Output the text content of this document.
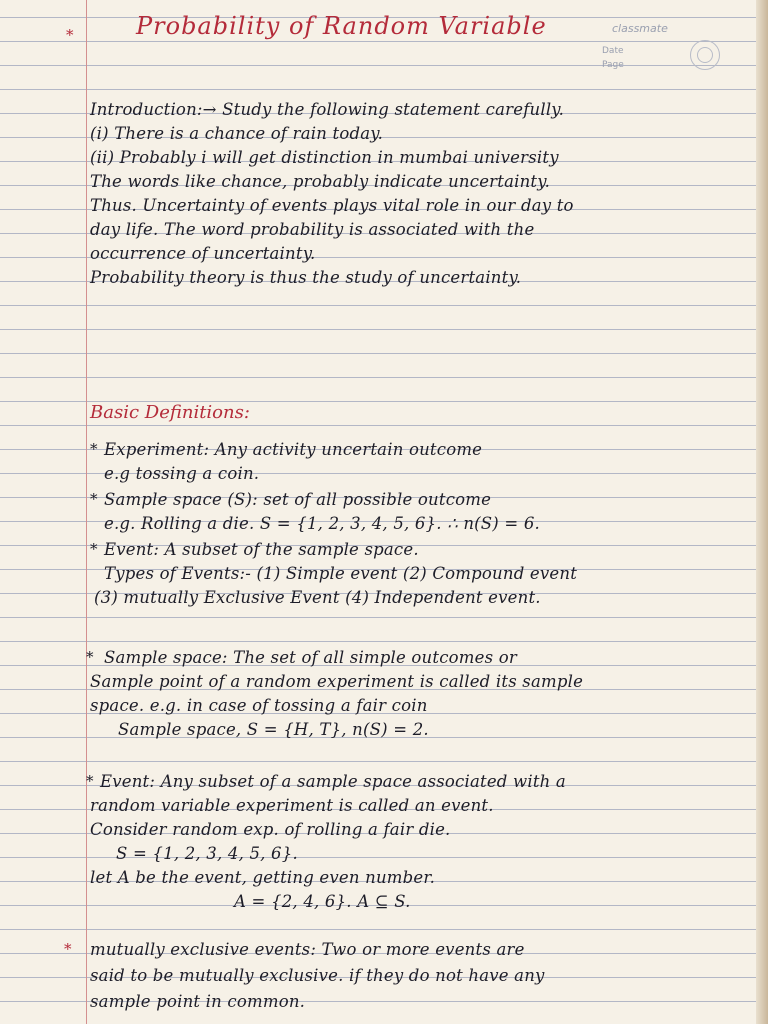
*	Probability of Random Variable	classmate
Date
Page
Introduction:→ Study the following statement carefully.
(i) There is a chance of rain today.
(ii) Probably i will get distinction in mumbai university
The words like chance, probably indicate uncertainty.
Thus. Uncertainty of events plays vital role in our day to
day life. The word probability is associated with the
occurrence of uncertainty.
Probability theory is thus the study of uncertainty.
Basic Definitions:
* Experiment: Any activity uncertain outcome
e.g tossing a coin.
* Sample space (S): set of all possible outcome
e.g. Rolling a die. S = {1, 2, 3, 4, 5, 6}. ∴ n(S) = 6.
* Event: A subset of the sample space.
Types of Events:- (1) Simple event (2) Compound event
(3) mutually Exclusive Event (4) Independent event.
* Sample space: The set of all simple outcomes or
Sample point of a random experiment is called its sample
space. e.g. in case of tossing a fair coin
Sample space, S = {H, T}, n(S) = 2.
* Event: Any subset of a sample space associated with a
random variable experiment is called an event.
Consider random exp. of rolling a fair die.
S = {1, 2, 3, 4, 5, 6}.
let A be the event, getting even number.
A = {2, 4, 6}. A ⊆ S.
* mutually exclusive events: Two or more events are
said to be mutually exclusive. if they do not have any
sample point in common.
